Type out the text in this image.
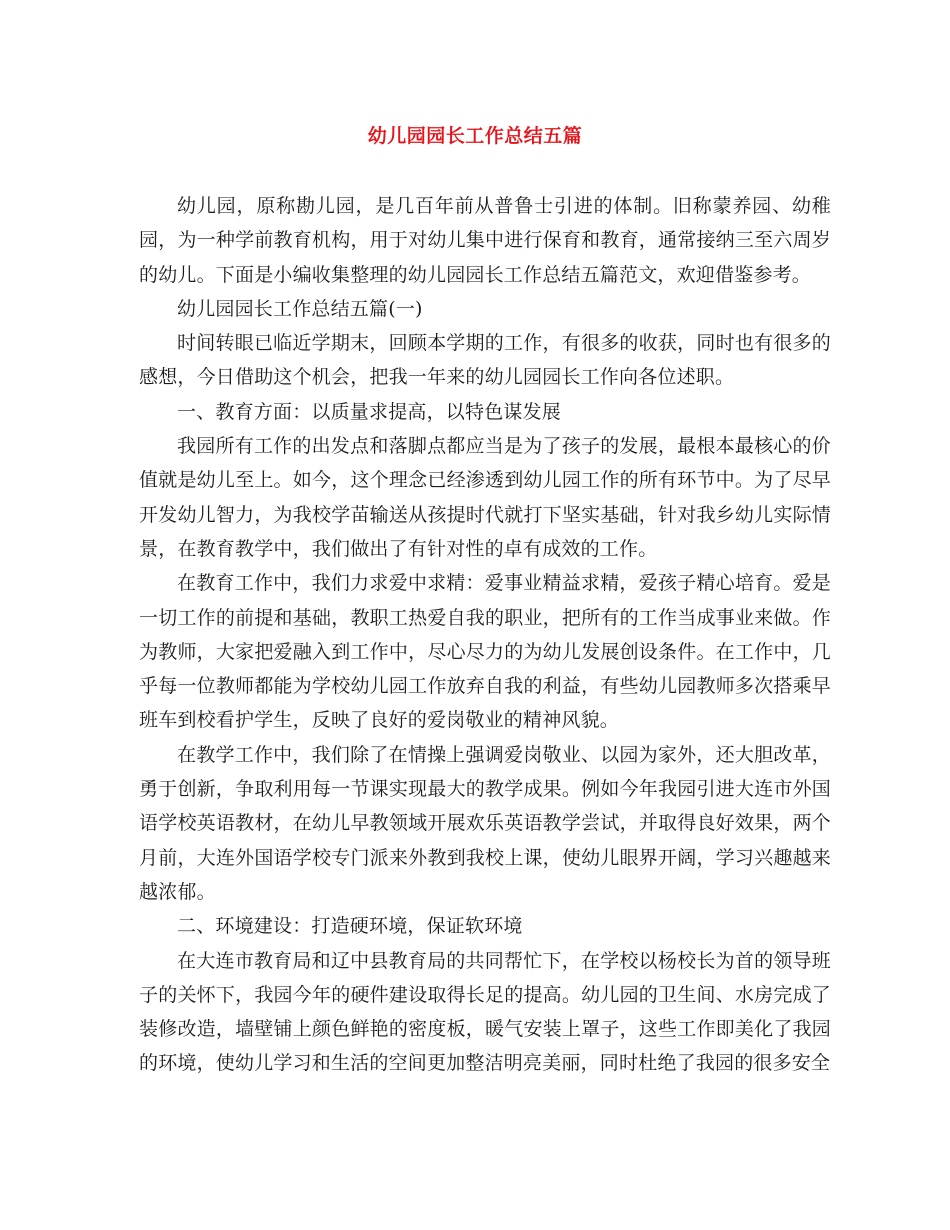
幼儿园园长工作总结五篇

幼儿园，原称勘儿园，是几百年前从普鲁士引进的体制。旧称蒙养园、幼稚园，为一种学前教育机构，用于对幼儿集中进行保育和教育，通常接纳三至六周岁的幼儿。下面是小编收集整理的幼儿园园长工作总结五篇范文，欢迎借鉴参考。

幼儿园园长工作总结五篇(一)

时间转眼已临近学期末，回顾本学期的工作，有很多的收获，同时也有很多的感想，今日借助这个机会，把我一年来的幼儿园园长工作向各位述职。

一、教育方面：以质量求提高，以特色谋发展

我园所有工作的出发点和落脚点都应当是为了孩子的发展，最根本最核心的价值就是幼儿至上。如今，这个理念已经渗透到幼儿园工作的所有环节中。为了尽早开发幼儿智力，为我校学苗输送从孩提时代就打下坚实基础，针对我乡幼儿实际情景，在教育教学中，我们做出了有针对性的卓有成效的工作。

在教育工作中，我们力求爱中求精：爱事业精益求精，爱孩子精心培育。爱是一切工作的前提和基础，教职工热爱自我的职业，把所有的工作当成事业来做。作为教师，大家把爱融入到工作中，尽心尽力的为幼儿发展创设条件。在工作中，几乎每一位教师都能为学校幼儿园工作放弃自我的利益，有些幼儿园教师多次搭乘早班车到校看护学生，反映了良好的爱岗敬业的精神风貌。

在教学工作中，我们除了在情操上强调爱岗敬业、以园为家外，还大胆改革，勇于创新，争取利用每一节课实现最大的教学成果。例如今年我园引进大连市外国语学校英语教材，在幼儿早教领域开展欢乐英语教学尝试，并取得良好效果，两个月前，大连外国语学校专门派来外教到我校上课，使幼儿眼界开阔，学习兴趣越来越浓郁。

二、环境建设：打造硬环境，保证软环境

在大连市教育局和辽中县教育局的共同帮忙下，在学校以杨校长为首的领导班子的关怀下，我园今年的硬件建设取得长足的提高。幼儿园的卫生间、水房完成了装修改造，墙壁铺上颜色鲜艳的密度板，暖气安装上罩子，这些工作即美化了我园的环境，使幼儿学习和生活的空间更加整洁明亮美丽，同时杜绝了我园的很多安全
